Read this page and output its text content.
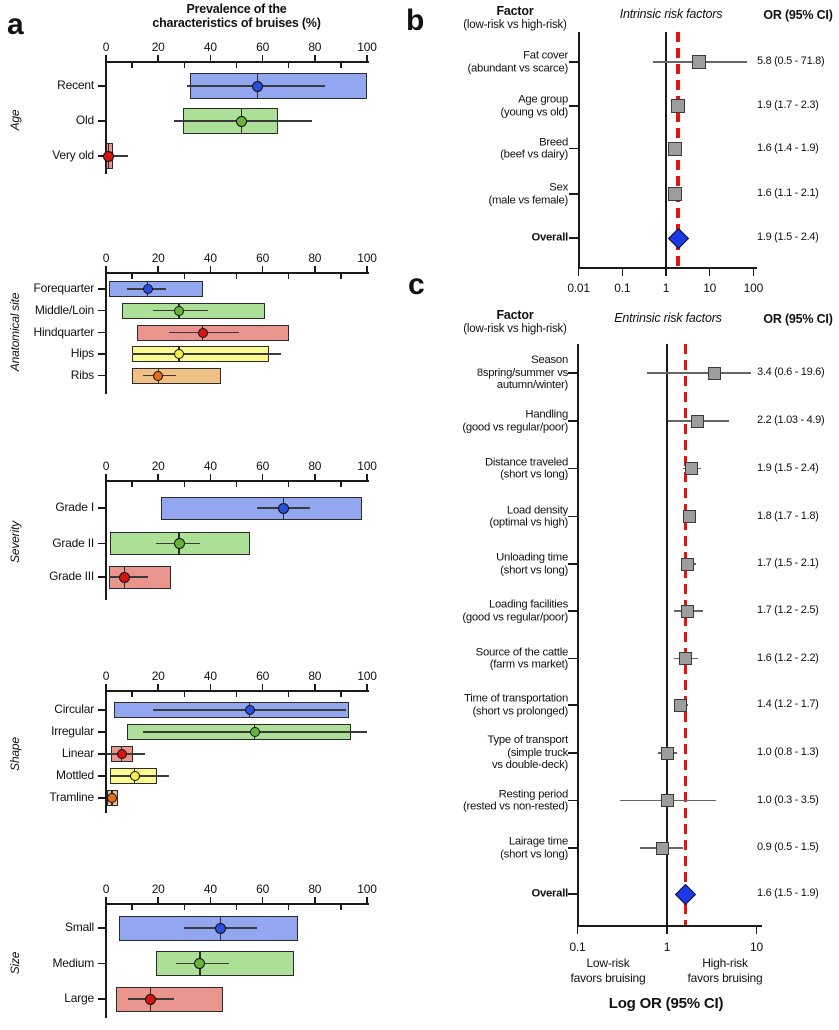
a	b
c
Prevalence of the
characteristics of bruises (%)
0	20	40	60	80	100
Age
Recent
Old
Very old
0	20	40	60	80	100
Anatomical site
Forequarter
Middle/Loin
Hindquarter
Hips
Ribs
0	20	40	60	80	100
Severity
Grade I
Grade II
Grade III
0	20	40	60	80	100
Shape
Circular
Irregular
Linear
Mottled
Tramline
0	20	40	60	80	100
Size
Small
Medium
Large
Factor
(low-risk vs high-risk)
Intrinsic risk factors	OR (95% CI)
0.01	0.1	1	10	100
Fat cover
(abundant vs scarce)
5.8 (0.5 - 71.8)
Age group
(young vs old)
1.9 (1.7 - 2.3)
Breed
(beef vs dairy)
1.6 (1.4 - 1.9)
Sex
(male vs female)
1.6 (1.1 - 2.1)
Overall	1.9 (1.5 - 2.4)
Factor
(low-risk vs high-risk)
Entrinsic risk factors	OR (95% CI)
0.1	1	10
Season
8spring/summer vs
autumn/winter)
3.4 (0.6 - 19.6)
Handling
(good vs regular/poor)
2.2 (1.03 - 4.9)
Distance traveled
(short vs long)
1.9 (1.5 - 2.4)
Load density
(optimal vs high)
1.8 (1.7 - 1.8)
Unloading time
(short vs long)
1.7 (1.5 - 2.1)
Loading facilities
(good vs regular/poor)
1.7 (1.2 - 2.5)
Source of the cattle
(farm vs market)
1.6 (1.2 - 2.2)
Time of transportation
(short vs prolonged)
1.4 (1.2 - 1.7)
Type of transport
(simple truck
vs double-deck)
1.0 (0.8 - 1.3)
Resting period
(rested vs non-rested)
1.0 (0.3 - 3.5)
Lairage time
(short vs long)
0.9 (0.5 - 1.5)
Overall	1.6 (1.5 - 1.9)
Low-risk
favors bruising
High-risk
favors bruising
Log OR (95% CI)
